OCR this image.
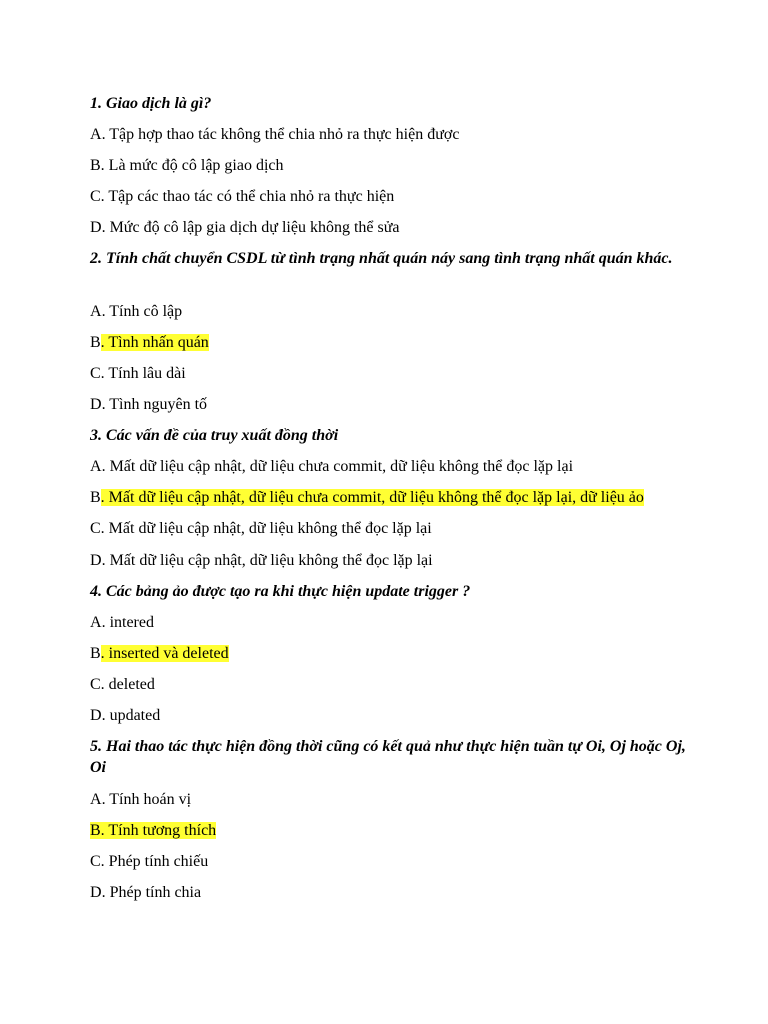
1. Giao dịch là gì?
A. Tập hợp thao tác không thể chia nhỏ ra thực hiện được
B. Là mức độ cô lập giao dịch
C. Tập các thao tác có thể chia nhỏ ra thực hiện
D. Mức độ cô lập gia dịch dự liệu không thể sửa
2. Tính chất chuyển CSDL từ tình trạng nhất quán náy sang tình trạng nhất quán khác.
A. Tính cô lập
B. Tình nhấn quán
C. Tính lâu dài
D. Tình nguyên tố
3. Các vấn đề của truy xuất đồng thời
A. Mất dữ liệu cập nhật, dữ liệu chưa commit, dữ liệu không thể đọc lặp lại
B. Mất dữ liệu cập nhật, dữ liệu chưa commit, dữ liệu không thể đọc lặp lại, dữ liệu ảo
C. Mất dữ liệu cập nhật, dữ liệu không thể đọc lặp lại
D. Mất dữ liệu cập nhật, dữ liệu không thể đọc lặp lại
4. Các bảng ảo được tạo ra khi thực hiện update trigger ?
A. intered
B. inserted và deleted
C. deleted
D. updated
5. Hai thao tác thực hiện đồng thời cũng có kết quả như thực hiện tuần tự Oi, Oj hoặc Oj, Oi
A. Tính hoán vị
B. Tính tương thích
C. Phép tính chiếu
D. Phép tính chia
